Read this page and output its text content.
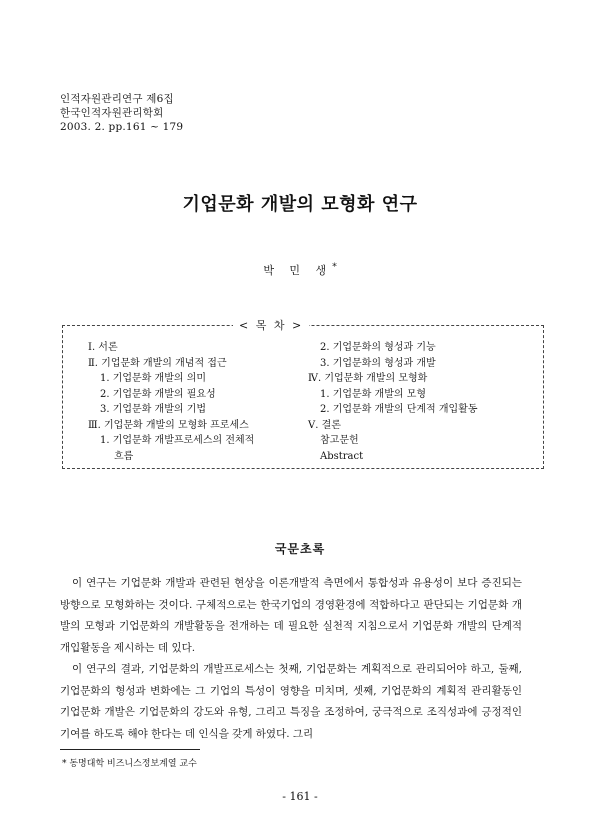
인적자원관리연구 제6집
한국인적자원관리학회
2003. 2. pp.161 ~ 179
기업문화 개발의 모형화 연구
박 민 생*
< 목 차 >
Ⅰ. 서론
Ⅱ. 기업문화 개발의 개념적 접근
1. 기업문화 개발의 의미
2. 기업문화 개발의 필요성
3. 기업문화 개발의 기법
Ⅲ. 기업문화 개발의 모형화 프로세스
1. 기업문화 개발프로세스의 전체적
흐름
2. 기업문화의 형성과 기능
3. 기업문화의 형성과 개발
Ⅳ. 기업문화 개발의 모형화
1. 기업문화 개발의 모형
2. 기업문화 개발의 단계적 개입활동
Ⅴ. 결론
참고문헌
Abstract
국문초록

이 연구는 기업문화 개발과 관련된 현상을 이론개발적 측면에서 통합성과 유용성이 보다 증진되는 방향으로 모형화하는 것이다. 구체적으로는 한국기업의 경영환경에 적합하다고 판단되는 기업문화 개발의 모형과 기업문화의 개발활동을 전개하는 데 필요한 실천적 지침으로서 기업문화 개발의 단계적 개입활동을 제시하는 데 있다.

이 연구의 결과, 기업문화의 개발프로세스는 첫째, 기업문화는 계획적으로 관리되어야 하고, 둘째, 기업문화의 형성과 변화에는 그 기업의 특성이 영향을 미치며, 셋째, 기업문화의 계획적 관리활동인 기업문화 개발은 기업문화의 강도와 유형, 그리고 특징을 조정하여, 궁극적으로 조직성과에 긍정적인 기여를 하도록 해야 한다는 데 인식을 갖게 하였다. 그리

* 동명대학 비즈니스정보계열 교수
- 161 -
